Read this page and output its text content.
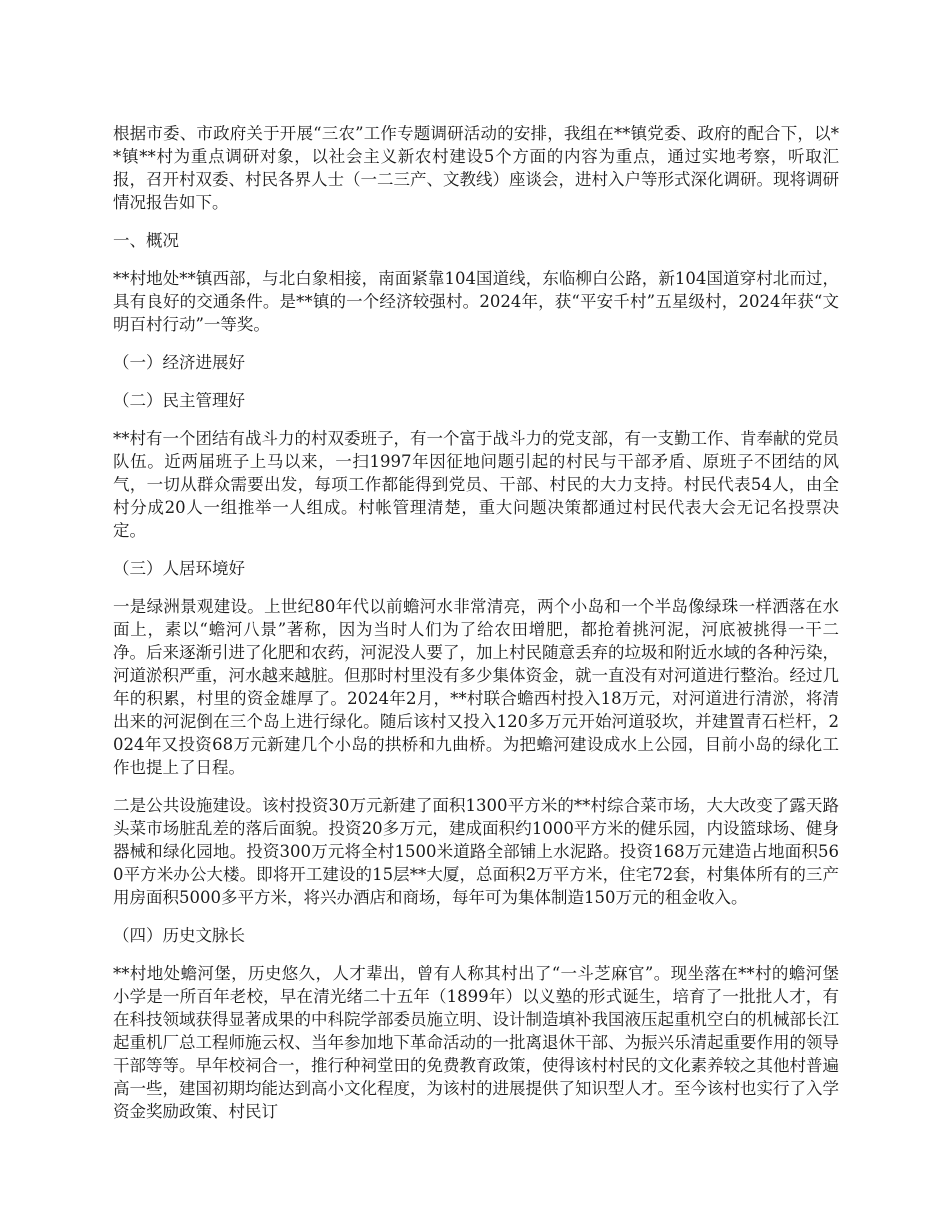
根据市委、市政府关于开展“三农”工作专题调研活动的安排，我组在**镇党委、政府的配合下，以**镇**村为重点调研对象，以社会主义新农村建设5个方面的内容为重点，通过实地考察，听取汇报，召开村双委、村民各界人士（一二三产、文教线）座谈会，进村入户等形式深化调研。现将调研情况报告如下。

一、概况

**村地处**镇西部，与北白象相接，南面紧靠104国道线，东临柳白公路，新104国道穿村北而过，具有良好的交通条件。是**镇的一个经济较强村。2024年，获“平安千村”五星级村，2024年获“文明百村行动”一等奖。

（一）经济进展好

（二）民主管理好

**村有一个团结有战斗力的村双委班子，有一个富于战斗力的党支部，有一支勤工作、肯奉献的党员队伍。近两届班子上马以来，一扫1997年因征地问题引起的村民与干部矛盾、原班子不团结的风气，一切从群众需要出发，每项工作都能得到党员、干部、村民的大力支持。村民代表54人，由全村分成20人一组推举一人组成。村帐管理清楚，重大问题决策都通过村民代表大会无记名投票决定。

（三）人居环境好

一是绿洲景观建设。上世纪80年代以前蟾河水非常清亮，两个小岛和一个半岛像绿珠一样洒落在水面上，素以“蟾河八景”著称，因为当时人们为了给农田增肥，都抢着挑河泥，河底被挑得一干二净。后来逐渐引进了化肥和农药，河泥没人要了，加上村民随意丢弃的垃圾和附近水域的各种污染，河道淤积严重，河水越来越脏。但那时村里没有多少集体资金，就一直没有对河道进行整治。经过几年的积累，村里的资金雄厚了。2024年2月，**村联合蟾西村投入18万元，对河道进行清淤，将清出来的河泥倒在三个岛上进行绿化。随后该村又投入120多万元开始河道驳坎，并建置青石栏杆，2024年又投资68万元新建几个小岛的拱桥和九曲桥。为把蟾河建设成水上公园，目前小岛的绿化工作也提上了日程。

二是公共设施建设。该村投资30万元新建了面积1300平方米的**村综合菜市场，大大改变了露天路头菜市场脏乱差的落后面貌。投资20多万元，建成面积约1000平方米的健乐园，内设篮球场、健身器械和绿化园地。投资300万元将全村1500米道路全部铺上水泥路。投资168万元建造占地面积560平方米办公大楼。即将开工建设的15层**大厦，总面积2万平方米，住宅72套，村集体所有的三产用房面积5000多平方米，将兴办酒店和商场，每年可为集体制造150万元的租金收入。

（四）历史文脉长

**村地处蟾河堡，历史悠久，人才辈出，曾有人称其村出了“一斗芝麻官”。现坐落在**村的蟾河堡小学是一所百年老校，早在清光绪二十五年（1899年）以义塾的形式诞生，培育了一批批人才，有在科技领域获得显著成果的中科院学部委员施立明、设计制造填补我国液压起重机空白的机械部长江起重机厂总工程师施云权、当年参加地下革命活动的一批离退休干部、为振兴乐清起重要作用的领导干部等等。早年校祠合一，推行种祠堂田的免费教育政策，使得该村村民的文化素养较之其他村普遍高一些，建国初期均能达到高小文化程度，为该村的进展提供了知识型人才。至今该村也实行了入学资金奖励政策、村民订
